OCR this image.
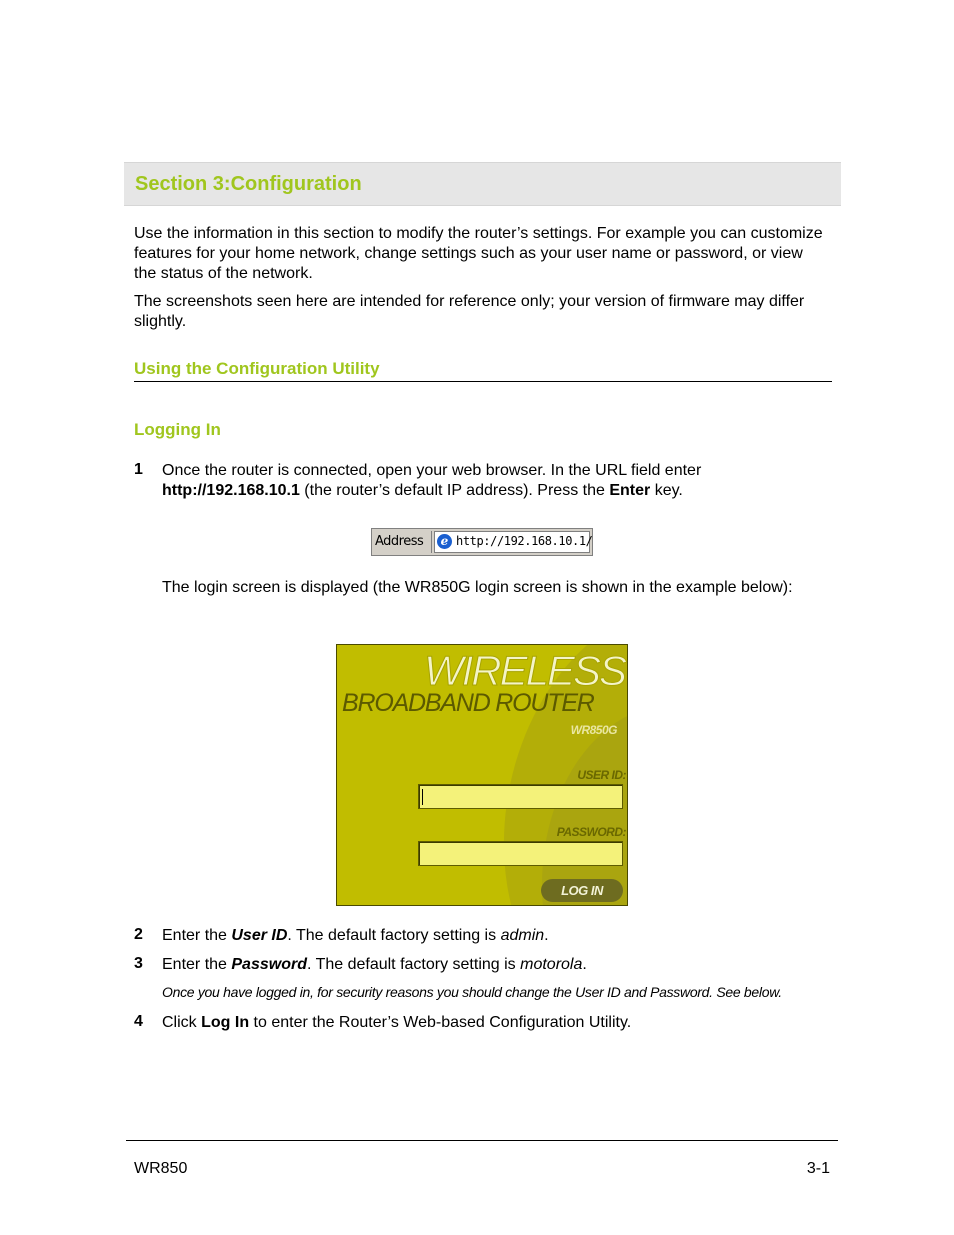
Section 3:Configuration

Use the information in this section to modify the router’s settings. For example you can customize features for your home network, change settings such as your user name or password, or view the status of the network.

The screenshots seen here are intended for reference only; your version of firmware may differ slightly.

Using the Configuration Utility
Logging In
1 Once the router is connected, open your web browser. In the URL field enter http://192.168.10.1 (the router’s default IP address). Press the Enter key.

Address	e http://192.168.10.1/

The login screen is displayed (the WR850G login screen is shown in the example below):

WIRELESS
BROADBAND ROUTER
WR850G
USER ID:
PASSWORD:
LOG IN
2 Enter the User ID. The default factory setting is admin.

3 Enter the Password. The default factory setting is motorola.

Once you have logged in, for security reasons you should change the User ID and Password. See below.
4 Click Log In to enter the Router’s Web-based Configuration Utility.

WR850	3-1
